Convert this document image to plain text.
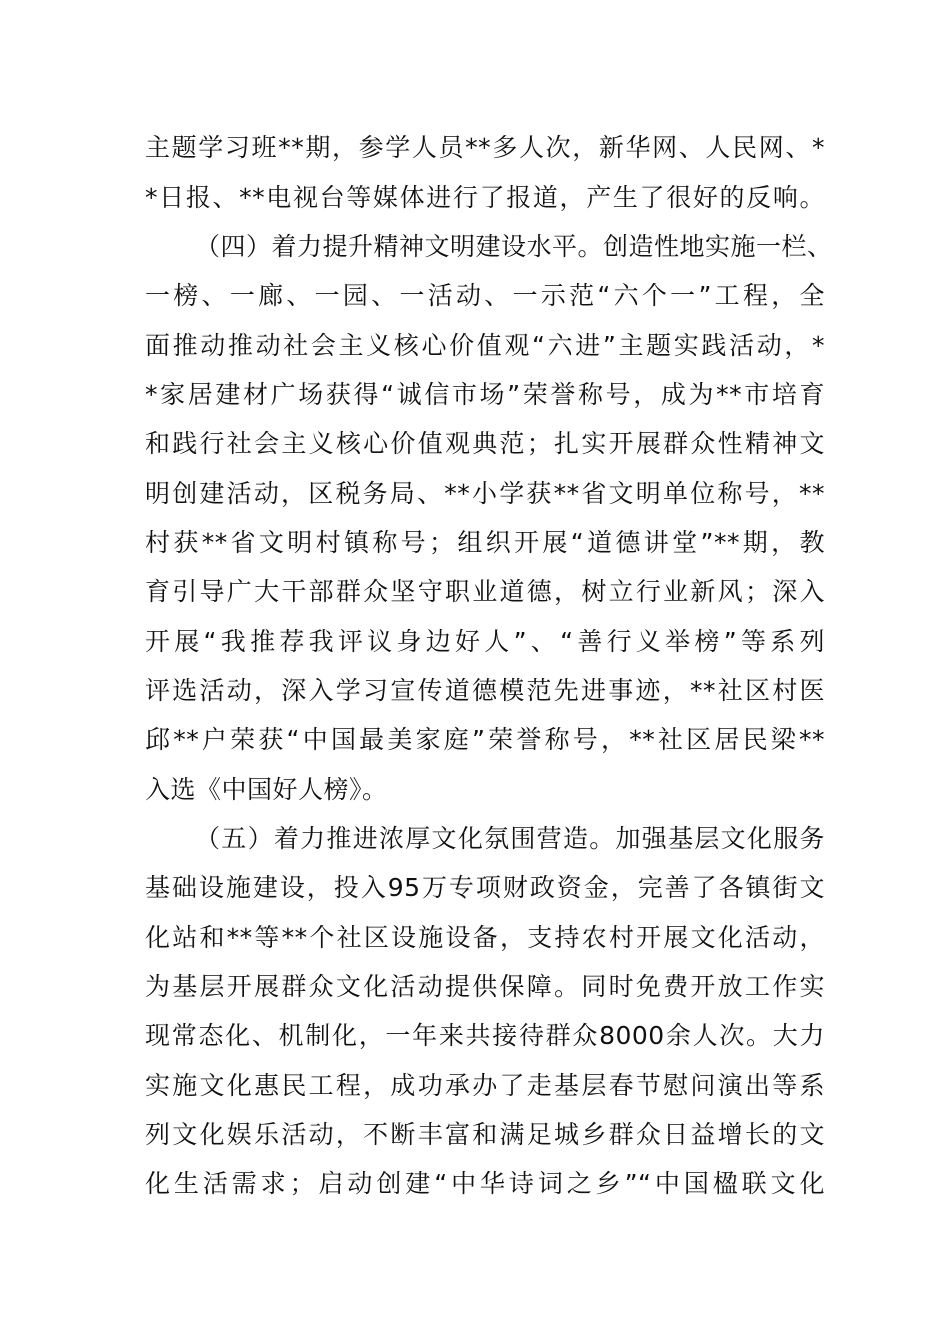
主题学习班**期，参学人员**多人次，新华网、人民网、*
*日报、**电视台等媒体进行了报道，产生了很好的反响。
（四）着力提升精神文明建设水平。创造性地实施一栏、
一榜、一廊、一园、一活动、一示范“六个一”工程，全
面推动推动社会主义核心价值观“六进”主题实践活动，*
*家居建材广场获得“诚信市场”荣誉称号，成为**市培育
和践行社会主义核心价值观典范；扎实开展群众性精神文
明创建活动，区税务局、**小学获**省文明单位称号，**
村获**省文明村镇称号；组织开展“道德讲堂”**期，教
育引导广大干部群众坚守职业道德，树立行业新风；深入
开展“我推荐我评议身边好人”、“善行义举榜”等系列
评选活动，深入学习宣传道德模范先进事迹，**社区村医
邱**户荣获“中国最美家庭”荣誉称号，**社区居民梁**
入选《中国好人榜》。
（五）着力推进浓厚文化氛围营造。加强基层文化服务
基础设施建设，投入95万专项财政资金，完善了各镇街文
化站和**等**个社区设施设备，支持农村开展文化活动，
为基层开展群众文化活动提供保障。同时免费开放工作实
现常态化、机制化，一年来共接待群众8000余人次。大力
实施文化惠民工程，成功承办了走基层春节慰问演出等系
列文化娱乐活动，不断丰富和满足城乡群众日益增长的文
化生活需求；启动创建“中华诗词之乡”“中国楹联文化
